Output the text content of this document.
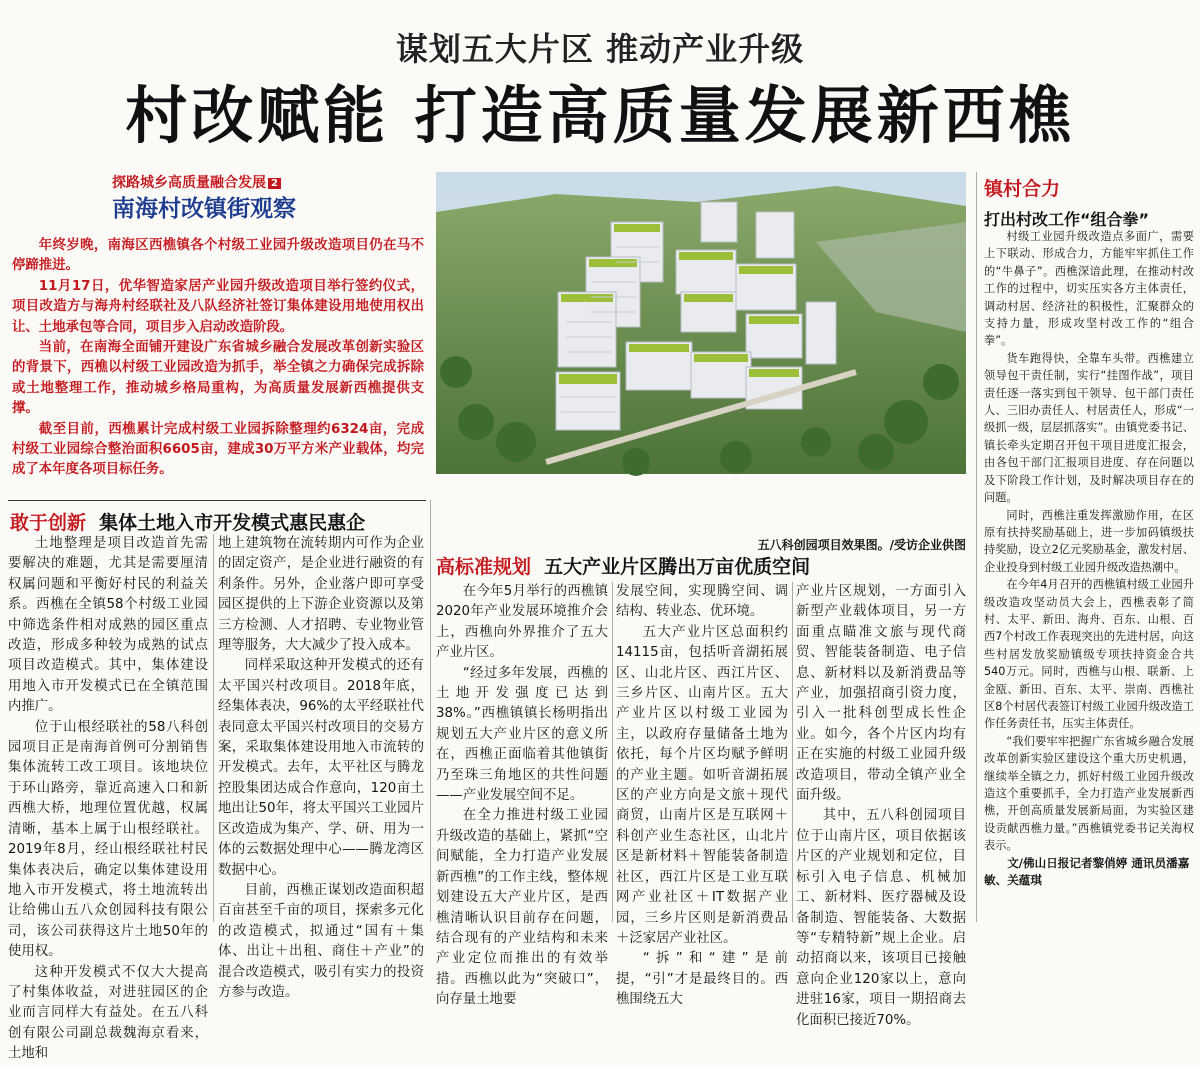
谋划五大片区 推动产业升级
村改赋能 打造高质量发展新西樵
探路城乡高质量融合发展 2
南海村改镇街观察

年终岁晚，南海区西樵镇各个村级工业园升级改造项目仍在马不停蹄推进。

11月17日，优华智造家居产业园升级改造项目举行签约仪式，项目改造方与海舟村经联社及八队经济社签订集体建设用地使用权出让、土地承包等合同，项目步入启动改造阶段。

当前，在南海全面铺开建设广东省城乡融合发展改革创新实验区的背景下，西樵以村级工业园改造为抓手，举全镇之力确保完成拆除或土地整理工作，推动城乡格局重构，为高质量发展新西樵提供支撑。

截至目前，西樵累计完成村级工业园拆除整理约6324亩，完成村级工业园综合整治面积6605亩，建成30万平方米产业载体，均完成了本年度各项目标任务。

五八科创园项目效果图。/受访企业供图
敢于创新 集体土地入市开发模式惠民惠企

土地整理是项目改造首先需要解决的难题，尤其是需要厘清权属问题和平衡好村民的利益关系。西樵在全镇58个村级工业园中筛选条件相对成熟的园区重点改造，形成多种较为成熟的试点项目改造模式。其中，集体建设用地入市开发模式已在全镇范围内推广。

位于山根经联社的58八科创园项目正是南海首例可分割销售集体流转工改工项目。该地块位于环山路旁，靠近高速入口和新西樵大桥，地理位置优越，权属清晰，基本上属于山根经联社。2019年8月，经山根经联社村民集体表决后，确定以集体建设用地入市开发模式，将土地流转出让给佛山五八众创园科技有限公司，该公司获得这片土地50年的使用权。

这种开发模式不仅大大提高了村集体收益，对进驻园区的企业而言同样大有益处。在五八科创有限公司副总裁魏海京看来，土地和

地上建筑物在流转期内可作为企业的固定资产，是企业进行融资的有利条件。另外，企业落户即可享受园区提供的上下游企业资源以及第三方检测、人才招聘、专业物业管理等服务，大大减少了投入成本。

同样采取这种开发模式的还有太平国兴村改项目。2018年底，经集体表决，96%的太平经联社代表同意太平国兴村改项目的交易方案，采取集体建设用地入市流转的开发模式。去年，太平社区与腾龙控股集团达成合作意向，120亩土地出让50年，将太平国兴工业园片区改造成为集产、学、研、用为一体的云数据处理中心——腾龙湾区数据中心。

目前，西樵正谋划改造面积超百亩甚至千亩的项目，探索多元化的改造模式，拟通过“国有＋集体、出让＋出租、商住＋产业”的混合改造模式，吸引有实力的投资方参与改造。

高标准规划 五大产业片区腾出万亩优质空间

在今年5月举行的西樵镇2020年产业发展环境推介会上，西樵向外界推介了五大产业片区。

“经过多年发展，西樵的土地开发强度已达到38%。”西樵镇镇长杨明指出规划五大产业片区的意义所在，西樵正面临着其他镇街乃至珠三角地区的共性问题——产业发展空间不足。

在全力推进村级工业园升级改造的基础上，紧抓“空间赋能，全力打造产业发展新西樵”的工作主线，整体规划建设五大产业片区，是西樵清晰认识目前存在问题，结合现有的产业结构和未来产业定位而推出的有效举措。西樵以此为“突破口”，向存量土地要

发展空间，实现腾空间、调结构、转业态、优环境。

五大产业片区总面积约14115亩，包括听音湖拓展区、山北片区、西江片区、三乡片区、山南片区。五大产业片区以村级工业园为主，以政府存量储备土地为依托，每个片区均赋予鲜明的产业主题。如听音湖拓展区的产业方向是文旅＋现代商贸，山南片区是互联网＋科创产业生态社区，山北片区是新材料＋智能装备制造社区，西江片区是工业互联网产业社区＋IT数据产业园，三乡片区则是新消费品＋泛家居产业社区。

“拆”和“建”是前提，“引”才是最终目的。西樵围绕五大

产业片区规划，一方面引入新型产业载体项目，另一方面重点瞄准文旅与现代商贸、智能装备制造、电子信息、新材料以及新消费品等产业，加强招商引资力度，引入一批科创型成长性企业。如今，各个片区内均有正在实施的村级工业园升级改造项目，带动全镇产业全面升级。

其中，五八科创园项目位于山南片区，项目依据该片区的产业规划和定位，目标引入电子信息、机械加工、新材料、医疗器械及设备制造、智能装备、大数据等“专精特新”规上企业。启动招商以来，该项目已接触意向企业120家以上，意向进驻16家，项目一期招商去化面积已接近70%。

镇村合力
打出村改工作“组合拳”

村级工业园升级改造点多面广，需要上下联动、形成合力，方能牢牢抓住工作的“牛鼻子”。西樵深谙此理，在推动村改工作的过程中，切实压实各方主体责任，调动村居、经济社的积极性，汇聚群众的支持力量，形成攻坚村改工作的“组合拳”。

货车跑得快，全靠车头带。西樵建立领导包干责任制，实行“挂图作战”，项目责任逐一落实到包干领导、包干部门责任人、三旧办责任人、村居责任人，形成“一级抓一级，层层抓落实”。由镇党委书记、镇长牵头定期召开包干项目进度汇报会，由各包干部门汇报项目进度、存在问题以及下阶段工作计划，及时解决项目存在的问题。

同时，西樵注重发挥激励作用，在区原有扶持奖励基础上，进一步加码镇级扶持奖励，设立2亿元奖励基金，激发村居、企业投身到村级工业园升级改造热潮中。

在今年4月召开的西樵镇村级工业园升级改造攻坚动员大会上，西樵表彰了简村、太平、新田、海舟、百东、山根、百西7个村改工作表现突出的先进村居，向这些村居发放奖励镇级专项扶持资金合共540万元。同时，西樵与山根、联新、上金瓯、新田、百东、太平、崇南、西樵社区8个村居代表签订村级工业园升级改造工作任务责任书，压实主体责任。

“我们要牢牢把握广东省城乡融合发展改革创新实验区建设这个重大历史机遇，继续举全镇之力，抓好村级工业园升级改造这个重要抓手，全力打造产业发展新西樵，开创高质量发展新局面，为实验区建设贡献西樵力量。”西樵镇党委书记关海权表示。

文/佛山日报记者黎俏婷 通讯员潘嘉敏、关蕴琪
